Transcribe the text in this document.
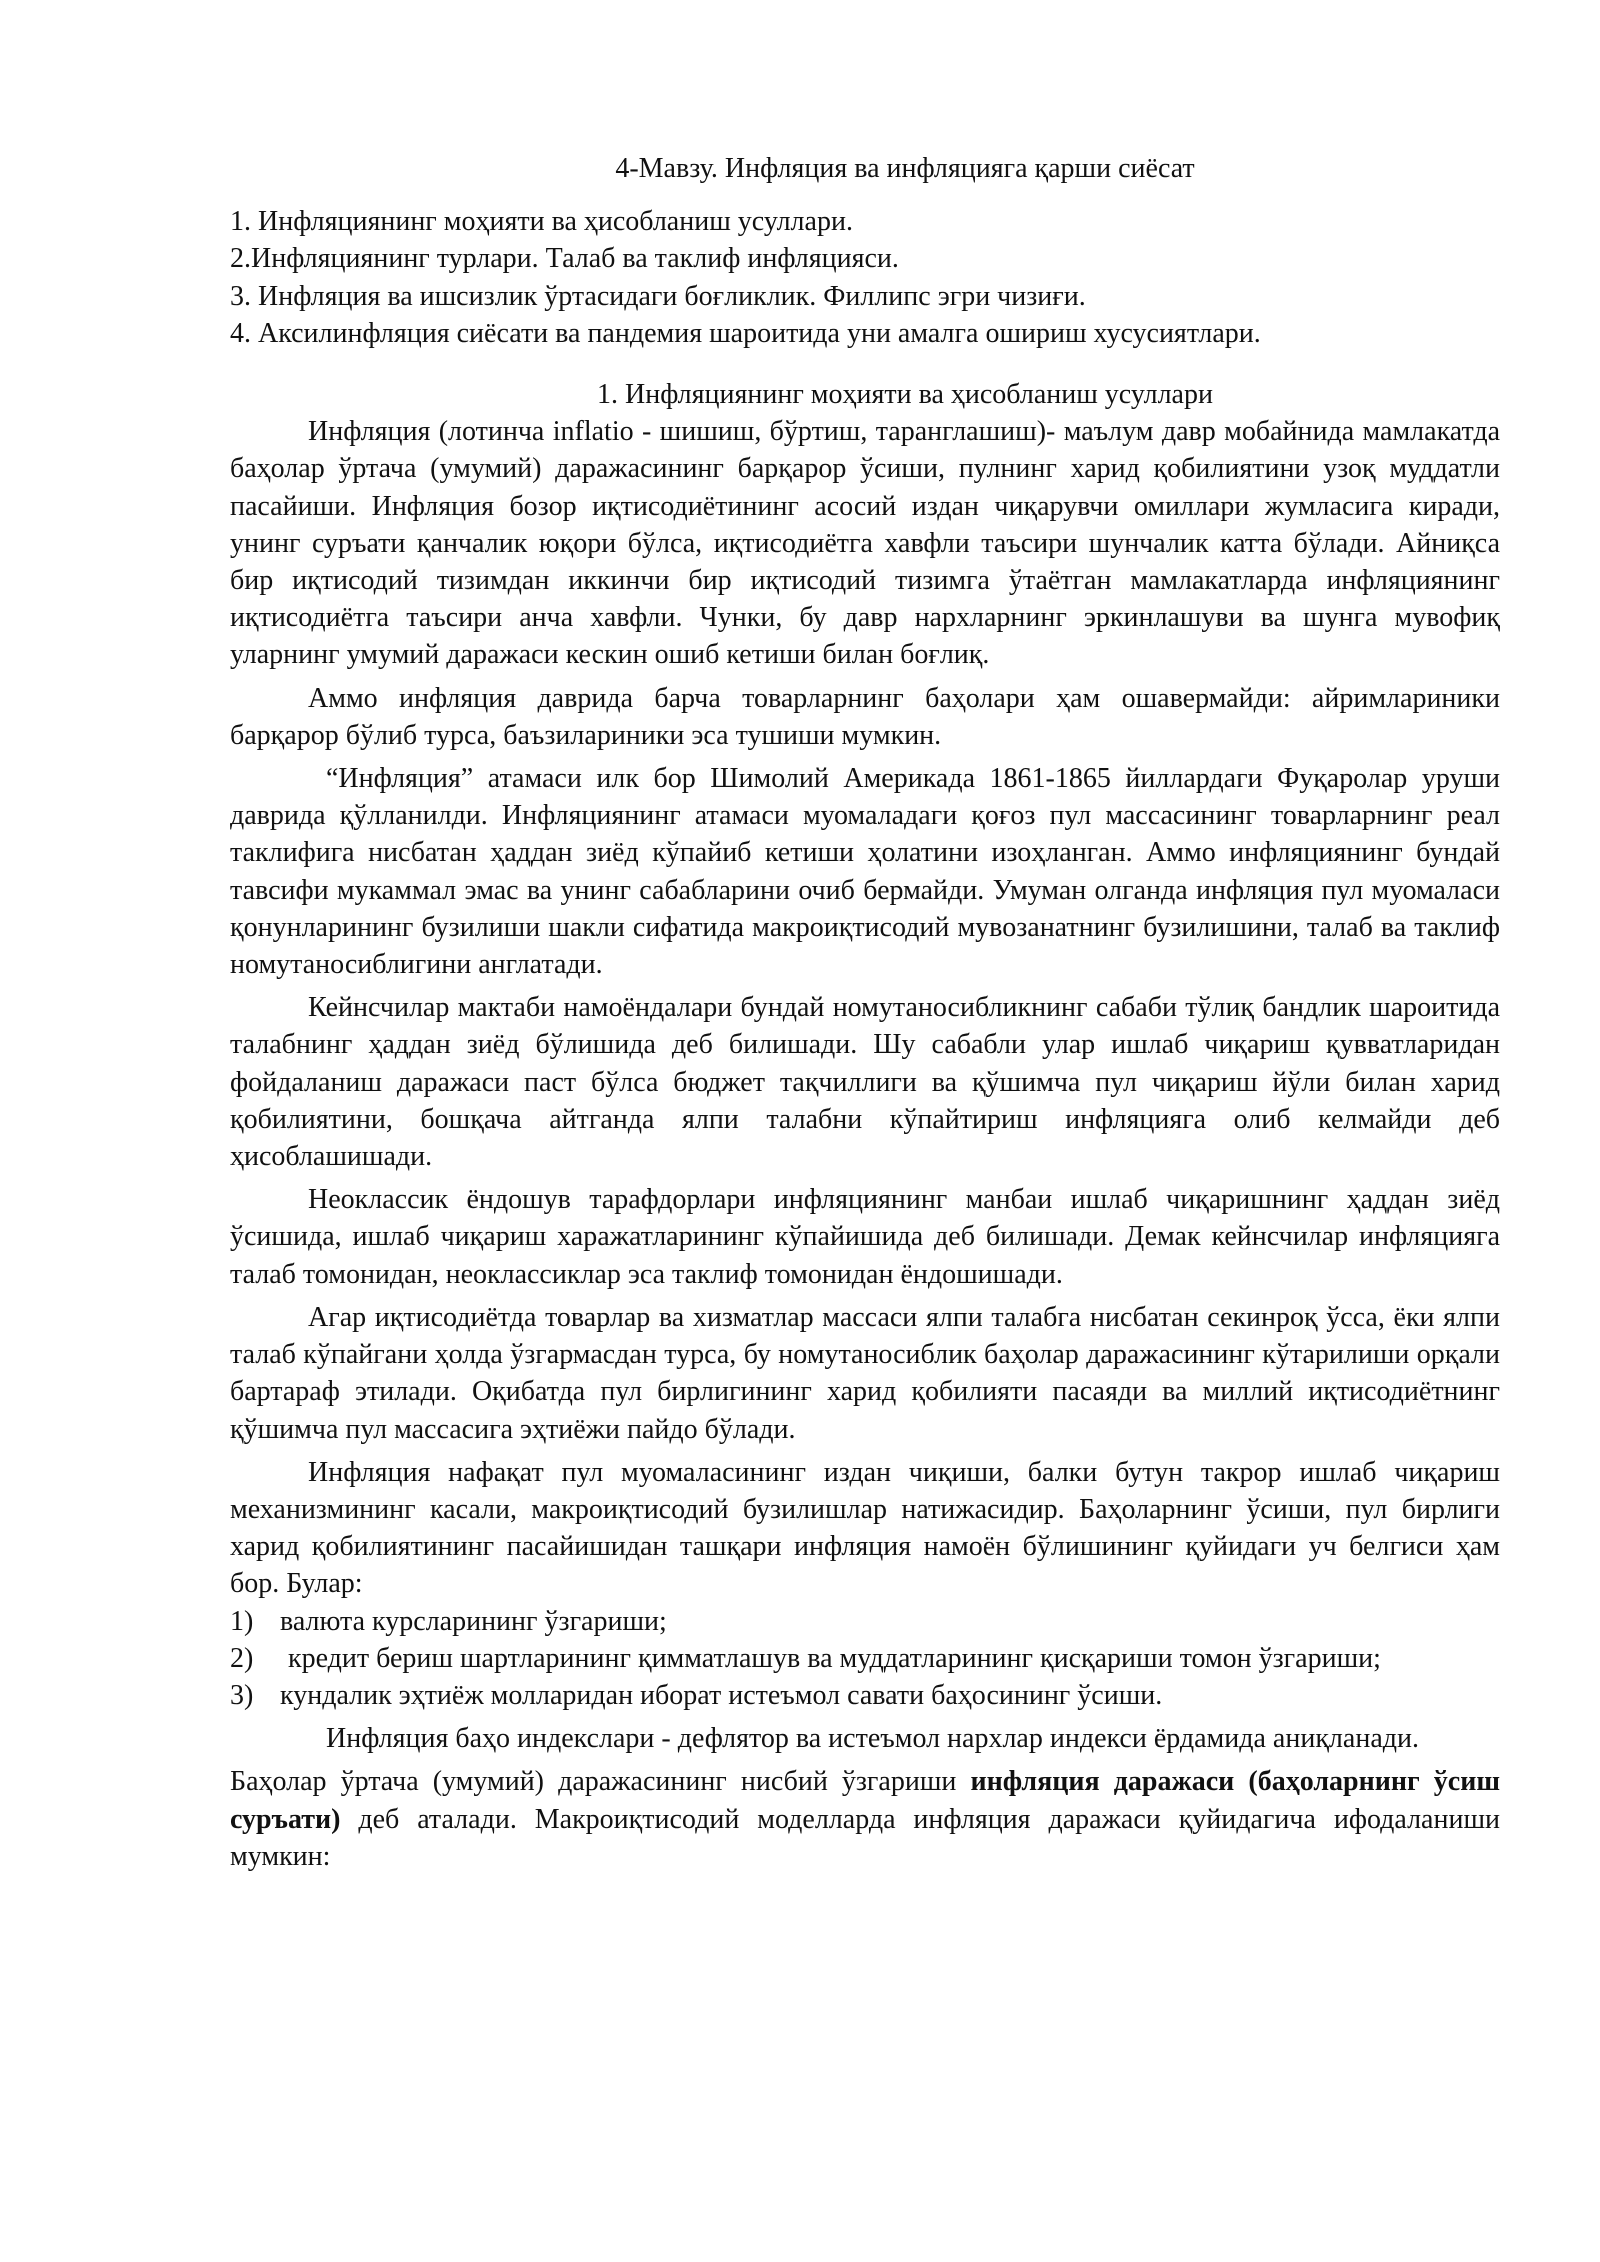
4-Мавзу. Инфляция ва инфляцияга қарши сиёсат
1. Инфляциянинг моҳияти ва ҳисобланиш усуллари.
2.Инфляциянинг турлари. Талаб ва таклиф инфляцияси.
3. Инфляция ва ишсизлик ўртасидаги боғликлик. Филлипс эгри чизиғи.
4. Аксилинфляция сиёсати ва пандемия шароитида уни амалга ошириш хусусиятлари.
1. Инфляциянинг моҳияти ва ҳисобланиш усуллари

Инфляция (лотинча inflatio - шишиш, бўртиш, таранглашиш)- маълум давр мобайнида мамлакатда баҳолар ўртача (умумий) даражасининг барқарор ўсиши, пулнинг харид қобилиятини узоқ муддатли пасайиши. Инфляция бозор иқтисодиётининг асосий издан чиқарувчи омиллари жумласига киради, унинг суръати қанчалик юқори бўлса, иқтисодиётга хавфли таъсири шунчалик катта бўлади. Айниқса бир иқтисодий тизимдан иккинчи бир иқтисодий тизимга ўтаётган мамлакатларда инфляциянинг иқтисодиётга таъсири анча хавфли. Чунки, бу давр нархларнинг эркинлашуви ва шунга мувофиқ уларнинг умумий даражаси кескин ошиб кетиши билан боғлиқ.

Аммо инфляция даврида барча товарларнинг баҳолари ҳам ошавермайди: айримлариники барқарор бўлиб турса, баъзилариники эса тушиши мумкин.

“Инфляция” атамаси илк бор Шимолий Америкада 1861-1865 йиллардаги Фуқаролар уруши даврида қўлланилди. Инфляциянинг атамаси муомаладаги қоғоз пул массасининг товарларнинг реал таклифига нисбатан ҳаддан зиёд кўпайиб кетиши ҳолатини изоҳланган. Аммо инфляциянинг бундай тавсифи мукаммал эмас ва унинг сабабларини очиб бермайди. Умуман олганда инфляция пул муомаласи қонунларининг бузилиши шакли сифатида макроиқтисодий мувозанатнинг бузилишини, талаб ва таклиф номутаносиблигини англатади.

Кейнсчилар мактаби намоёндалари бундай номутаносибликнинг сабаби тўлиқ бандлик шароитида талабнинг ҳаддан зиёд бўлишида деб билишади. Шу сабабли улар ишлаб чиқариш қувватларидан фойдаланиш даражаси паст бўлса бюджет тақчиллиги ва қўшимча пул чиқариш йўли билан харид қобилиятини, бошқача айтганда ялпи талабни кўпайтириш инфляцияга олиб келмайди деб ҳисоблашишади.

Неоклассик ёндошув тарафдорлари инфляциянинг манбаи ишлаб чиқаришнинг ҳаддан зиёд ўсишида, ишлаб чиқариш харажатларининг кўпайишида деб билишади. Демак кейнсчилар инфляцияга талаб томонидан, неоклассиклар эса таклиф томонидан ёндошишади.

Агар иқтисодиётда товарлар ва хизматлар массаси ялпи талабга нисбатан секинроқ ўсса, ёки ялпи талаб кўпайгани ҳолда ўзгармасдан турса, бу номутаносиблик баҳолар даражасининг кўтарилиши орқали бартараф этилади. Оқибатда пул бирлигининг харид қобилияти пасаяди ва миллий иқтисодиётнинг қўшимча пул массасига эҳтиёжи пайдо бўлади.

Инфляция нафақат пул муомаласининг издан чиқиши, балки бутун такрор ишлаб чиқариш механизмининг касали, макроиқтисодий бузилишлар натижасидир. Баҳоларнинг ўсиши, пул бирлиги харид қобилиятининг пасайишидан ташқари инфляция намоён бўлишининг қуйидаги уч белгиси ҳам бор. Булар:

1) валюта курсларининг ўзгариши;
2)	кредит бериш шартларининг қимматлашув ва муддатларининг қисқариши томон ўзгариши;
3) кундалик эҳтиёж молларидан иборат истеъмол савати баҳосининг ўсиши.

Инфляция баҳо индекслари - дефлятор ва истеъмол нархлар индекси ёрдамида аниқланади.

Баҳолар ўртача (умумий) даражасининг нисбий ўзгариши инфляция даражаси (баҳоларнинг ўсиш суръати) деб аталади. Макроиқтисодий моделларда инфляция даражаси қуйидагича ифодаланиши мумкин:
